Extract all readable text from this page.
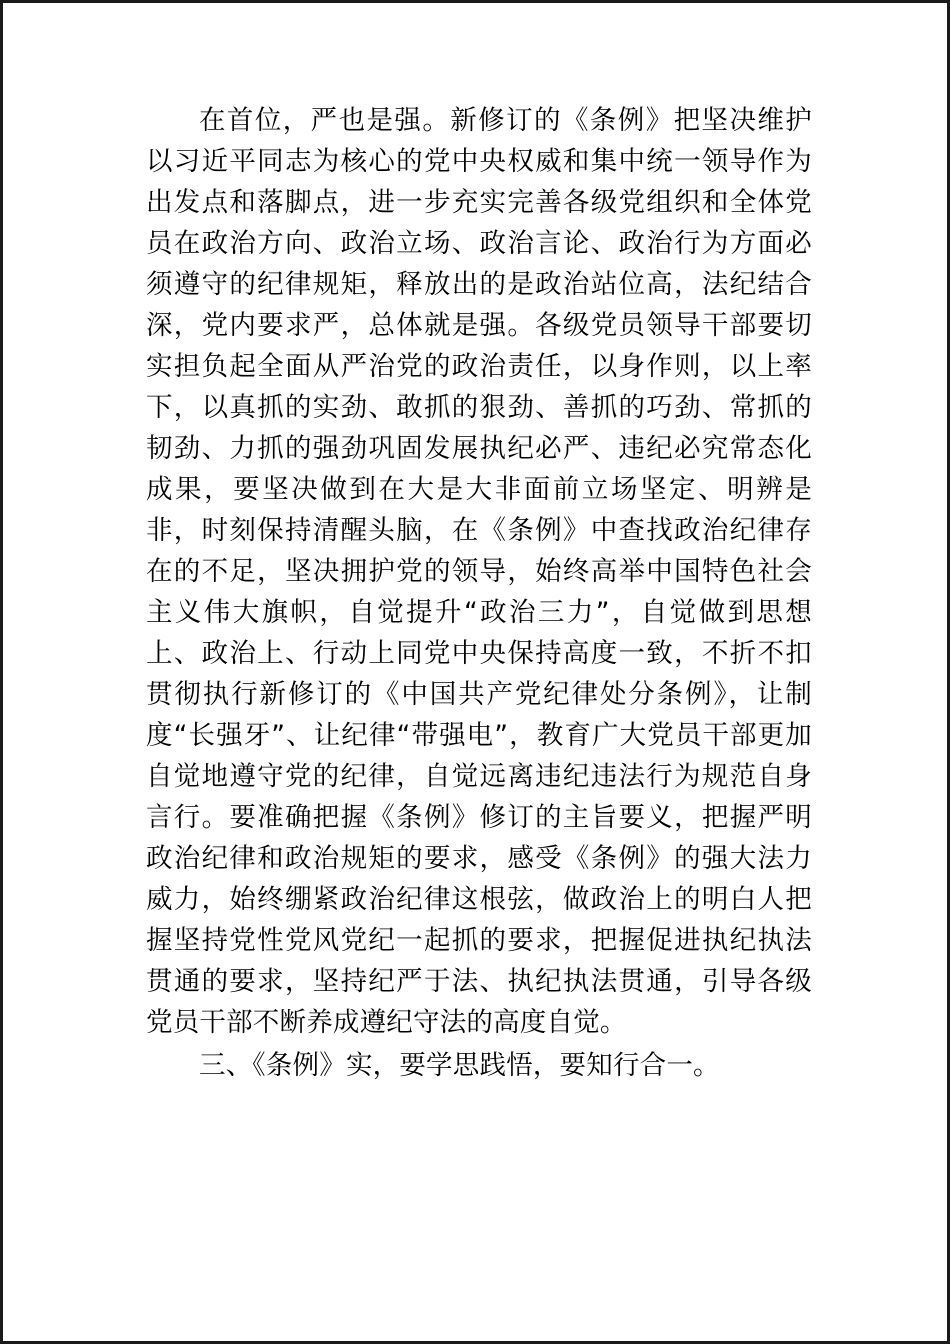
在首位，严也是强。新修订的《条例》把坚决维护以习近平同志为核心的党中央权威和集中统一领导作为出发点和落脚点，进一步充实完善各级党组织和全体党员在政治方向、政治立场、政治言论、政治行为方面必须遵守的纪律规矩，释放出的是政治站位高，法纪结合深，党内要求严，总体就是强。各级党员领导干部要切实担负起全面从严治党的政治责任，以身作则，以上率下，以真抓的实劲、敢抓的狠劲、善抓的巧劲、常抓的韧劲、力抓的强劲巩固发展执纪必严、违纪必究常态化成果，要坚决做到在大是大非面前立场坚定、明辨是非，时刻保持清醒头脑，在《条例》中查找政治纪律存在的不足，坚决拥护党的领导，始终高举中国特色社会主义伟大旗帜，自觉提升“政治三力”，自觉做到思想上、政治上、行动上同党中央保持高度一致，不折不扣贯彻执行新修订的《中国共产党纪律处分条例》，让制度“长强牙”、让纪律“带强电”，教育广大党员干部更加自觉地遵守党的纪律，自觉远离违纪违法行为规范自身言行。要准确把握《条例》修订的主旨要义，把握严明政治纪律和政治规矩的要求，感受《条例》的强大法力威力，始终绷紧政治纪律这根弦，做政治上的明白人把握坚持党性党风党纪一起抓的要求，把握促进执纪执法贯通的要求，坚持纪严于法、执纪执法贯通，引导各级党员干部不断养成遵纪守法的高度自觉。

三、《条例》实，要学思践悟，要知行合一。
